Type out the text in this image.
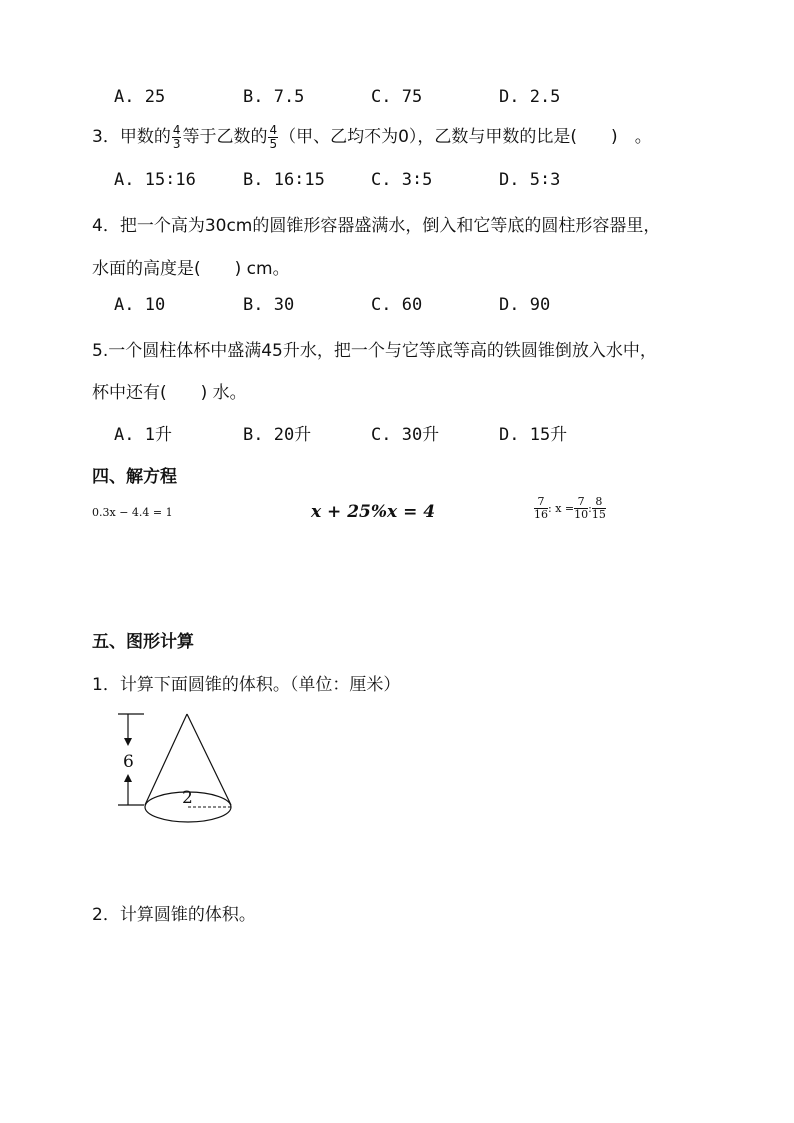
A. 25	B. 7.5	C. 75	D. 2.5
3．甲数的 $\frac{4}{3}$ 等于乙数的 $\frac{4}{5}$ （甲、乙均不为0），乙数与甲数的比是(　　)　。
A. 15∶16	B. 16∶15	C. 3∶5	D. 5∶3
4．把一个高为30cm的圆锥形容器盛满水，倒入和它等底的圆柱形容器里，
水面的高度是(　　) cm。
A. 10	B. 30	C. 60	D. 90
5.一个圆柱体杯中盛满45升水，把一个与它等底等高的铁圆锥倒放入水中，
杯中还有(　　) 水。
A. 1升	B. 20升	C. 30升	D. 15升
四、解方程
0.3x − 4.4 = 1	x + 25%x = 4	$\frac{7}{16}$ : $x = \frac{7}{10}$ : $\frac{8}{15}$
五、图形计算
1．计算下面圆锥的体积。（单位：厘米）
6
2
2．计算圆锥的体积。
